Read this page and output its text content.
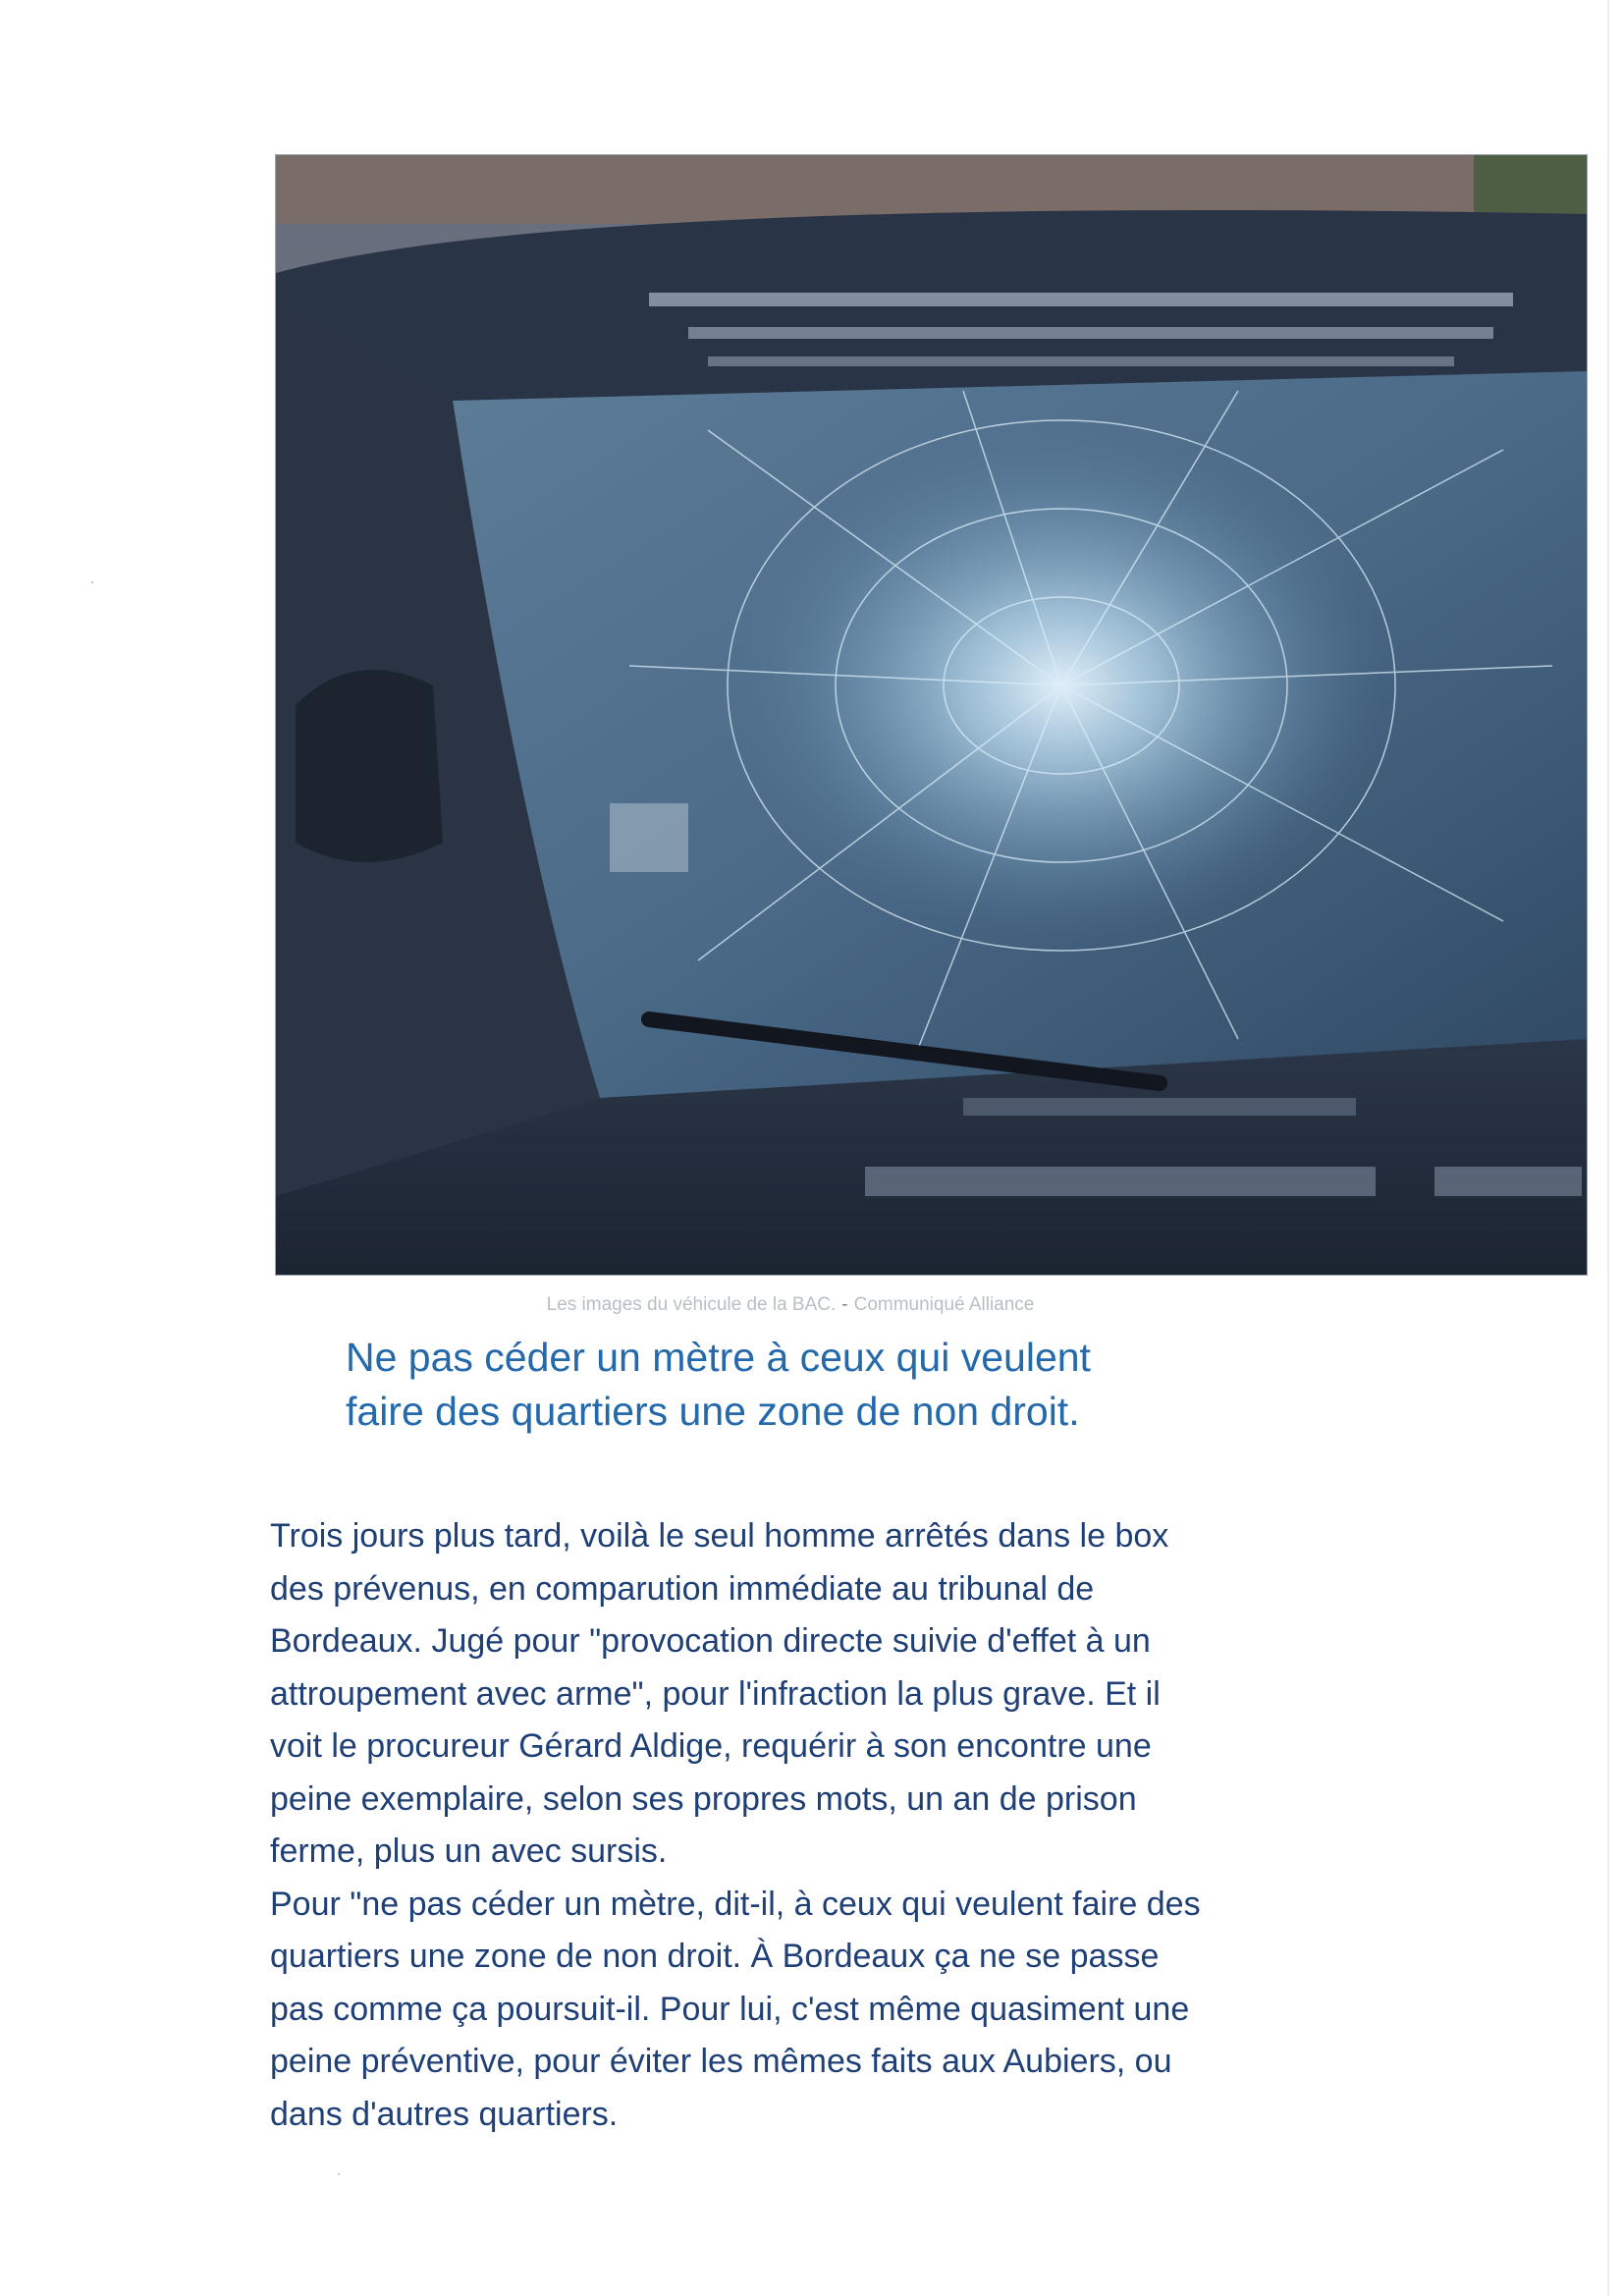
Les images du véhicule de la BAC. - Communiqué Alliance
Ne pas céder un mètre à ceux qui veulent
faire des quartiers une zone de non droit.
Trois jours plus tard, voilà le seul homme arrêtés dans le box
des prévenus, en comparution immédiate au tribunal de
Bordeaux. Jugé pour "provocation directe suivie d'effet à un
attroupement avec arme", pour l'infraction la plus grave. Et il
voit le procureur Gérard Aldige, requérir à son encontre une
peine exemplaire, selon ses propres mots, un an de prison
ferme, plus un avec sursis.
Pour "ne pas céder un mètre, dit-il, à ceux qui veulent faire des
quartiers une zone de non droit. À Bordeaux ça ne se passe
pas comme ça poursuit-il. Pour lui, c'est même quasiment une
peine préventive, pour éviter les mêmes faits aux Aubiers, ou
dans d'autres quartiers.
